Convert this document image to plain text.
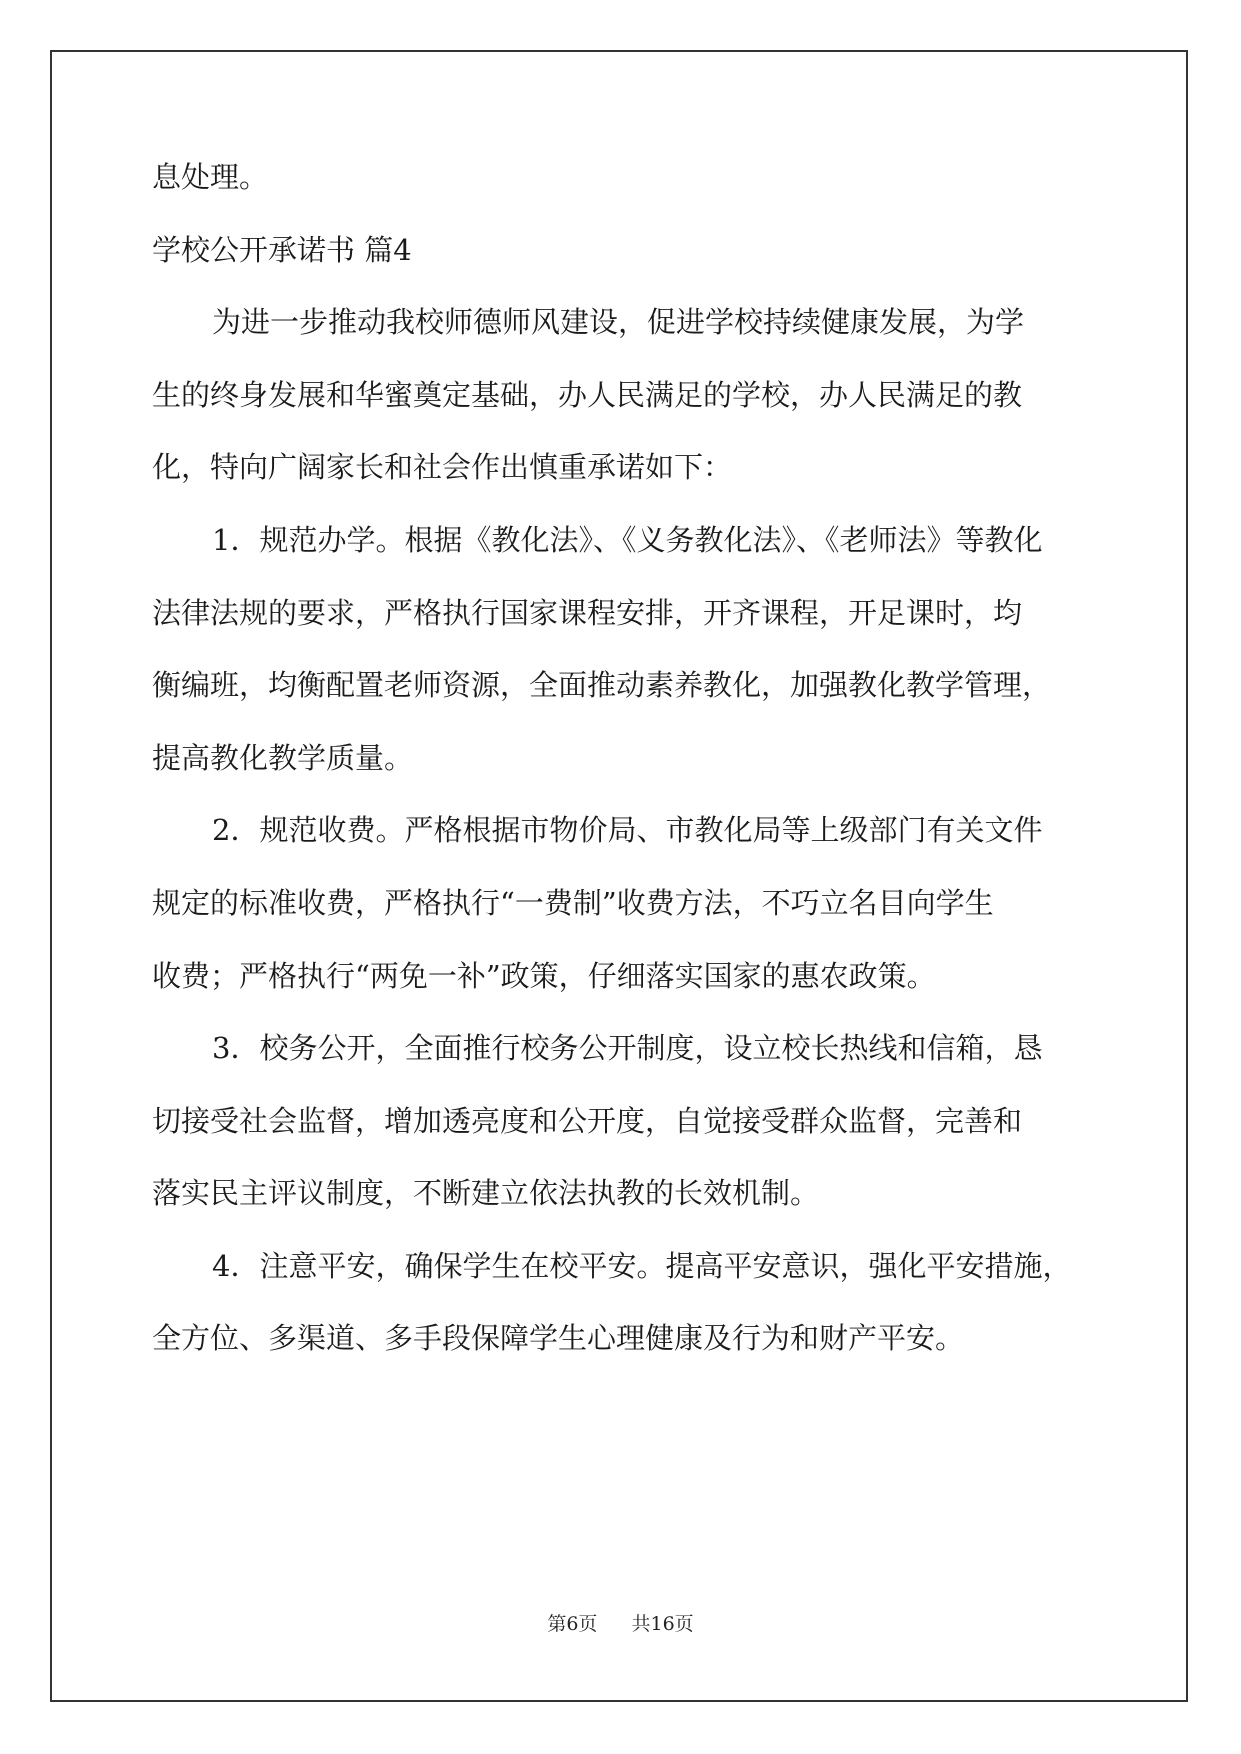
息处理。
学校公开承诺书 篇4
为进一步推动我校师德师风建设，促进学校持续健康发展，为学
生的终身发展和华蜜奠定基础，办人民满足的学校，办人民满足的教
化，特向广阔家长和社会作出慎重承诺如下：
1．规范办学。根据《教化法》、《义务教化法》、《老师法》等教化
法律法规的要求，严格执行国家课程安排，开齐课程，开足课时，均
衡编班，均衡配置老师资源，全面推动素养教化，加强教化教学管理，
提高教化教学质量。
2．规范收费。严格根据市物价局、市教化局等上级部门有关文件
规定的标准收费，严格执行“一费制”收费方法，不巧立名目向学生
收费；严格执行“两免一补”政策，仔细落实国家的惠农政策。
3．校务公开，全面推行校务公开制度，设立校长热线和信箱，恳
切接受社会监督，增加透亮度和公开度，自觉接受群众监督，完善和
落实民主评议制度，不断建立依法执教的长效机制。
4．注意平安，确保学生在校平安。提高平安意识，强化平安措施，
全方位、多渠道、多手段保障学生心理健康及行为和财产平安。
第6页 共16页
